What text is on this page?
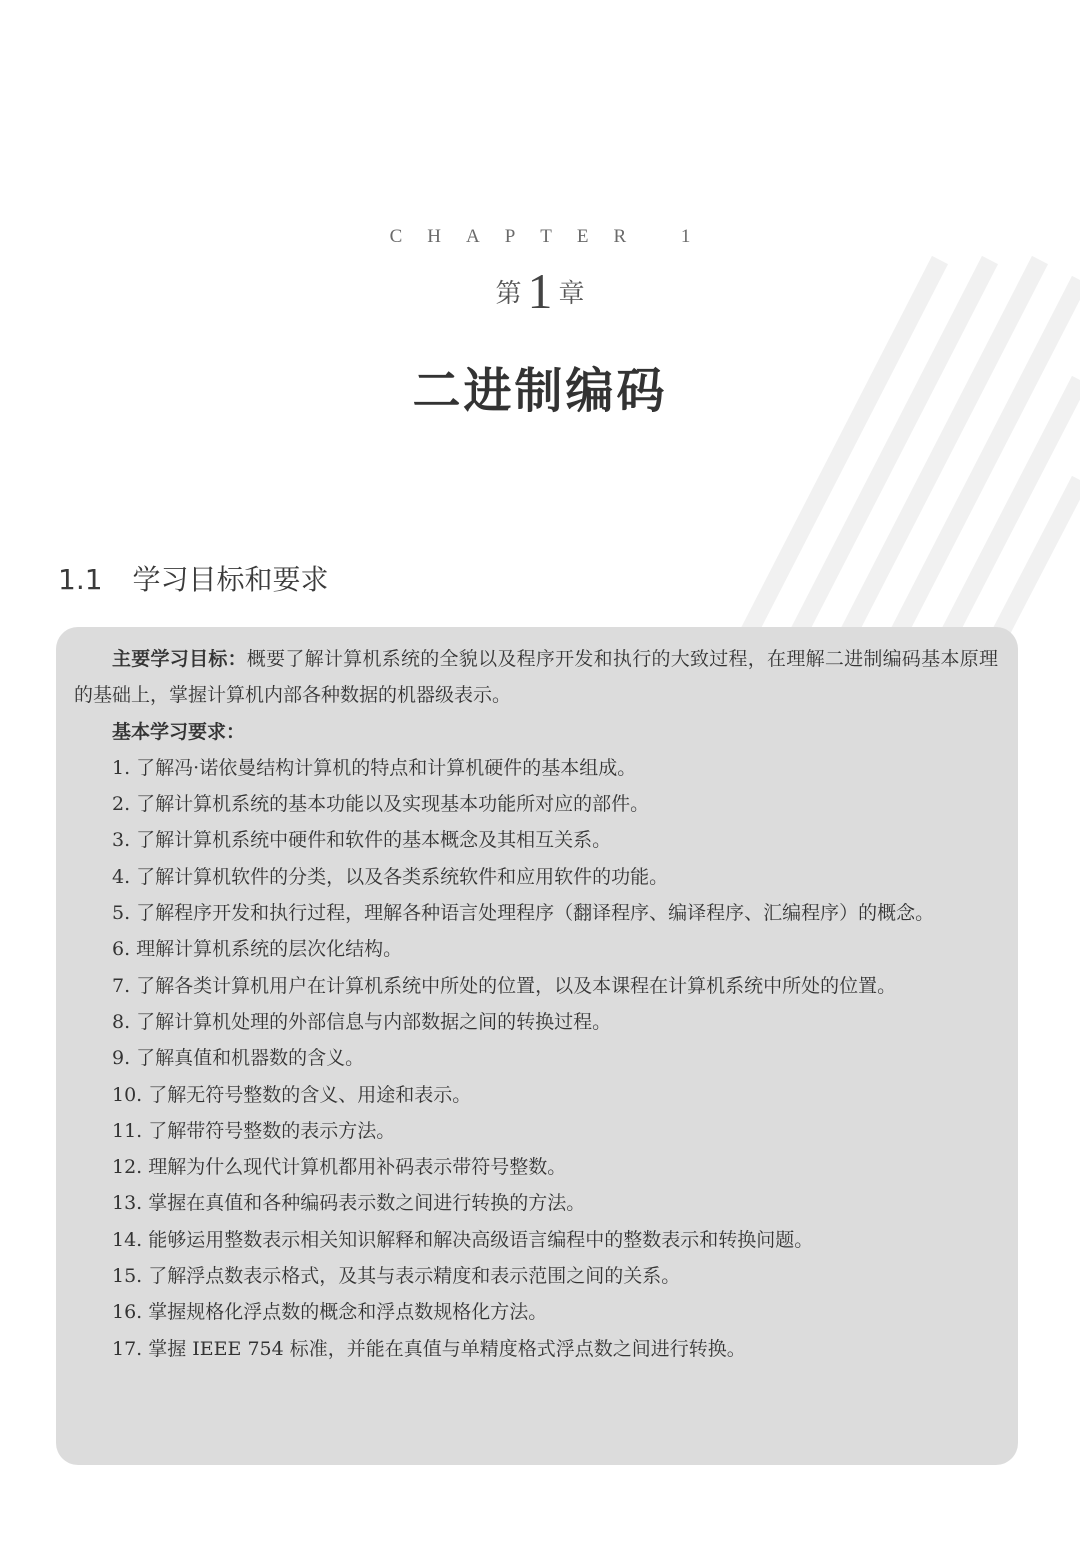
CHAPTER 1
第 1 章
二进制编码
1.1 学习目标和要求

主要学习目标：概要了解计算机系统的全貌以及程序开发和执行的大致过程，在理解二进制编码基本原理的基础上，掌握计算机内部各种数据的机器级表示。

基本学习要求：

1. 了解冯·诺依曼结构计算机的特点和计算机硬件的基本组成。

2. 了解计算机系统的基本功能以及实现基本功能所对应的部件。

3. 了解计算机系统中硬件和软件的基本概念及其相互关系。

4. 了解计算机软件的分类，以及各类系统软件和应用软件的功能。

5. 了解程序开发和执行过程，理解各种语言处理程序（翻译程序、编译程序、汇编程序）的概念。

6. 理解计算机系统的层次化结构。

7. 了解各类计算机用户在计算机系统中所处的位置，以及本课程在计算机系统中所处的位置。

8. 了解计算机处理的外部信息与内部数据之间的转换过程。

9. 了解真值和机器数的含义。

10. 了解无符号整数的含义、用途和表示。

11. 了解带符号整数的表示方法。

12. 理解为什么现代计算机都用补码表示带符号整数。

13. 掌握在真值和各种编码表示数之间进行转换的方法。

14. 能够运用整数表示相关知识解释和解决高级语言编程中的整数表示和转换问题。

15. 了解浮点数表示格式，及其与表示精度和表示范围之间的关系。

16. 掌握规格化浮点数的概念和浮点数规格化方法。

17. 掌握 IEEE 754 标准，并能在真值与单精度格式浮点数之间进行转换。
